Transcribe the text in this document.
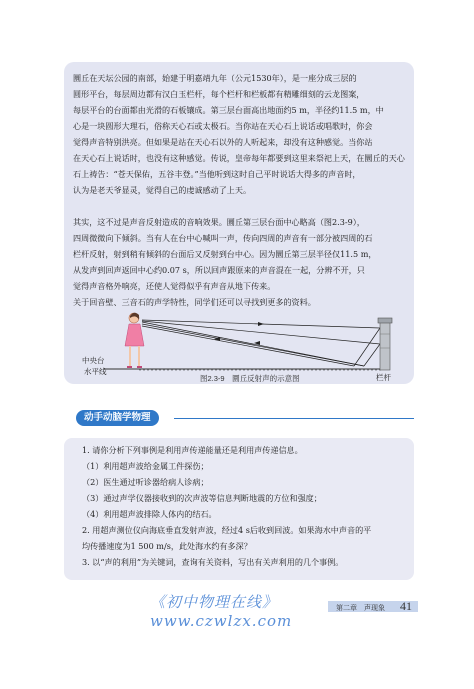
圜丘在天坛公园的南部，始建于明嘉靖九年（公元1530年），是一座分成三层的
圆形平台，每层周边都有汉白玉栏杆，每个栏杆和栏板都有精雕细刻的云龙图案，
每层平台的台面都由光滑的石板镶成。第三层台面高出地面约5 m，半径约11.5 m，中
心是一块圆形大理石，俗称天心石或太极石。当你站在天心石上说话或唱歌时，你会
觉得声音特别洪亮。但如果是站在天心石以外的人听起来，却没有这种感觉。当你站
在天心石上说话时，也没有这种感觉。传说，皇帝每年都要到这里来祭祀上天，在圜丘的天心
石上祷告：“苍天保佑，五谷丰登。”当他听到这时自己平时说话大得多的声音时，
认为是老天爷显灵，觉得自己的虔诚感动了上天。

其实，这不过是声音反射造成的音响效果。圜丘第三层台面中心略高（图2.3-9），
四周微微向下倾斜。当有人在台中心喊叫一声，传向四周的声音有一部分被四周的石
栏杆反射，射到稍有倾斜的台面后又反射到台中心。因为圜丘第三层半径仅11.5 m，
从发声到回声返回中心约0.07 s，所以回声跟原来的声音混在一起，分辨不开，只
觉得声音格外响亮，还使人觉得似乎有声音从地下传来。

关于回音壁、三音石的声学特性，同学们还可以寻找到更多的资料。

中央台
水平线
栏杆
图2.3-9　圜丘反射声的示意图
动手动脑学物理

1. 请你分析下列事例是利用声传递能量还是利用声传递信息。

（1）利用超声波给金属工件探伤；

（2）医生通过听诊器给病人诊病；

（3）通过声学仪器接收到的次声波等信息判断地震的方位和强度；

（4）利用超声波排除人体内的结石。

2. 用超声测位仪向海底垂直发射声波，经过4 s后收到回波。如果海水中声音的平

均传播速度为1 500 m/s，此处海水约有多深？

3. 以“声的利用”为关键词，查询有关资料，写出有关声利用的几个事例。

《初中物理在线》 www.czwlzx.com
第二章　声现象 41
